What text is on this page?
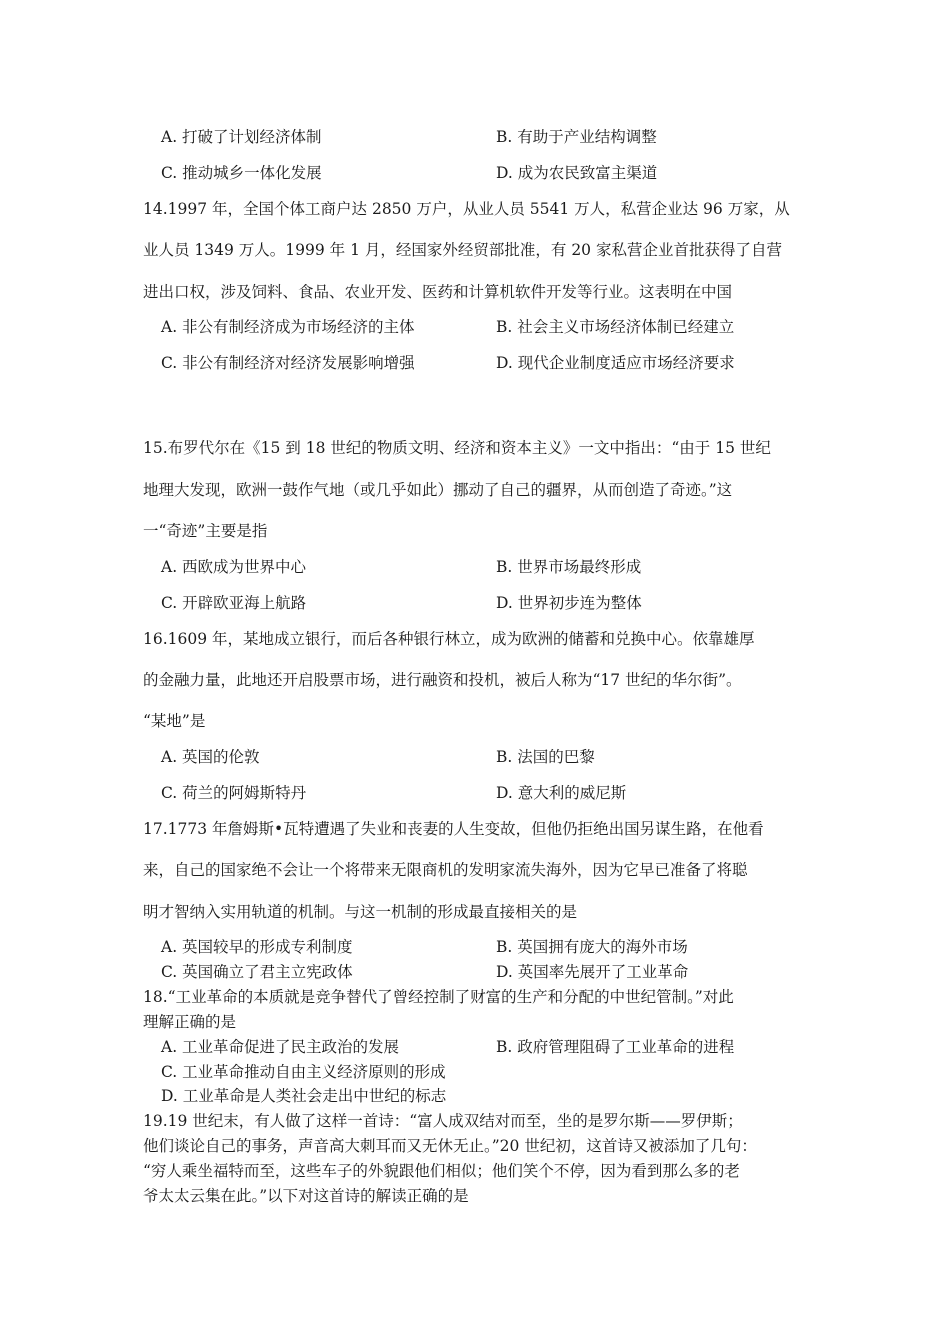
A. 打破了计划经济体制	B. 有助于产业结构调整
C. 推动城乡一体化发展	D. 成为农民致富主渠道
14.1997 年，全国个体工商户达 2850 万户，从业人员 5541 万人，私营企业达 96 万家，从
业人员 1349 万人。1999 年 1 月，经国家外经贸部批准，有 20 家私营企业首批获得了自营
进出口权，涉及饲料、食品、农业开发、医药和计算机软件开发等行业。这表明在中国
A. 非公有制经济成为市场经济的主体	B. 社会主义市场经济体制已经建立
C. 非公有制经济对经济发展影响增强	D. 现代企业制度适应市场经济要求
15.布罗代尔在《15 到 18 世纪的物质文明、经济和资本主义》一文中指出：“由于 15 世纪
地理大发现，欧洲一鼓作气地（或几乎如此）挪动了自己的疆界，从而创造了奇迹。”这
一“奇迹”主要是指
A. 西欧成为世界中心	B. 世界市场最终形成
C. 开辟欧亚海上航路	D. 世界初步连为整体
16.1609 年，某地成立银行，而后各种银行林立，成为欧洲的储蓄和兑换中心。依靠雄厚
的金融力量，此地还开启股票市场，进行融资和投机，被后人称为“17 世纪的华尔街”。
“某地”是
A. 英国的伦敦	B. 法国的巴黎
C. 荷兰的阿姆斯特丹	D. 意大利的威尼斯
17.1773 年詹姆斯•瓦特遭遇了失业和丧妻的人生变故，但他仍拒绝出国另谋生路，在他看
来，自己的国家绝不会让一个将带来无限商机的发明家流失海外，因为它早已准备了将聪
明才智纳入实用轨道的机制。与这一机制的形成最直接相关的是
A. 英国较早的形成专利制度	B. 英国拥有庞大的海外市场
C. 英国确立了君主立宪政体	D. 英国率先展开了工业革命
18.“工业革命的本质就是竞争替代了曾经控制了财富的生产和分配的中世纪管制。”对此
理解正确的是
A. 工业革命促进了民主政治的发展	B. 政府管理阻碍了工业革命的进程
C. 工业革命推动自由主义经济原则的形成
D. 工业革命是人类社会走出中世纪的标志
19.19 世纪末，有人做了这样一首诗：“富人成双结对而至，坐的是罗尔斯——罗伊斯；
他们谈论自己的事务，声音高大刺耳而又无休无止。”20 世纪初，这首诗又被添加了几句：
“穷人乘坐福特而至，这些车子的外貌跟他们相似；他们笑个不停，因为看到那么多的老
爷太太云集在此。”以下对这首诗的解读正确的是
